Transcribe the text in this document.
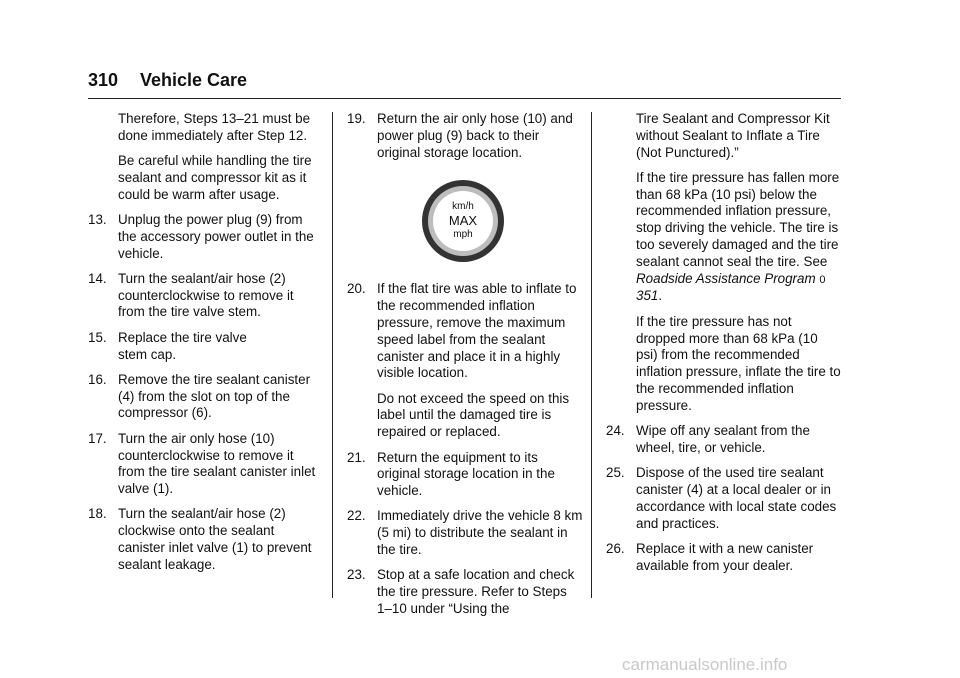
310 Vehicle Care

Therefore, Steps 13–21 must be done immediately after Step 12.

Be careful while handling the tire sealant and compressor kit as it could be warm after usage.

13. Unplug the power plug (9) from the accessory power outlet in the vehicle.

14. Turn the sealant/air hose (2) counterclockwise to remove it from the tire valve stem.

15. Replace the tire valve stem cap.

16. Remove the tire sealant canister (4) from the slot on top of the compressor (6).

17. Turn the air only hose (10) counterclockwise to remove it from the tire sealant canister inlet valve (1).

18. Turn the sealant/air hose (2) clockwise onto the sealant canister inlet valve (1) to prevent sealant leakage.

19. Return the air only hose (10) and power plug (9) back to their original storage location.

km/h
MAX
mph

20. If the flat tire was able to inflate to the recommended inflation pressure, remove the maximum speed label from the sealant canister and place it in a highly visible location.

Do not exceed the speed on this label until the damaged tire is repaired or replaced.

21. Return the equipment to its original storage location in the vehicle.

22. Immediately drive the vehicle 8 km (5 mi) to distribute the sealant in the tire.

23. Stop at a safe location and check the tire pressure. Refer to Steps 1–10 under “Using the

Tire Sealant and Compressor Kit without Sealant to Inflate a Tire (Not Punctured).”

If the tire pressure has fallen more than 68 kPa (10 psi) below the recommended inflation pressure, stop driving the vehicle. The tire is too severely damaged and the tire sealant cannot seal the tire. See Roadside Assistance Program 0 351.

If the tire pressure has not dropped more than 68 kPa (10 psi) from the recommended inflation pressure, inflate the tire to the recommended inflation pressure.

24. Wipe off any sealant from the wheel, tire, or vehicle.

25. Dispose of the used tire sealant canister (4) at a local dealer or in accordance with local state codes and practices.

26. Replace it with a new canister available from your dealer.

carmanualsonline.info
